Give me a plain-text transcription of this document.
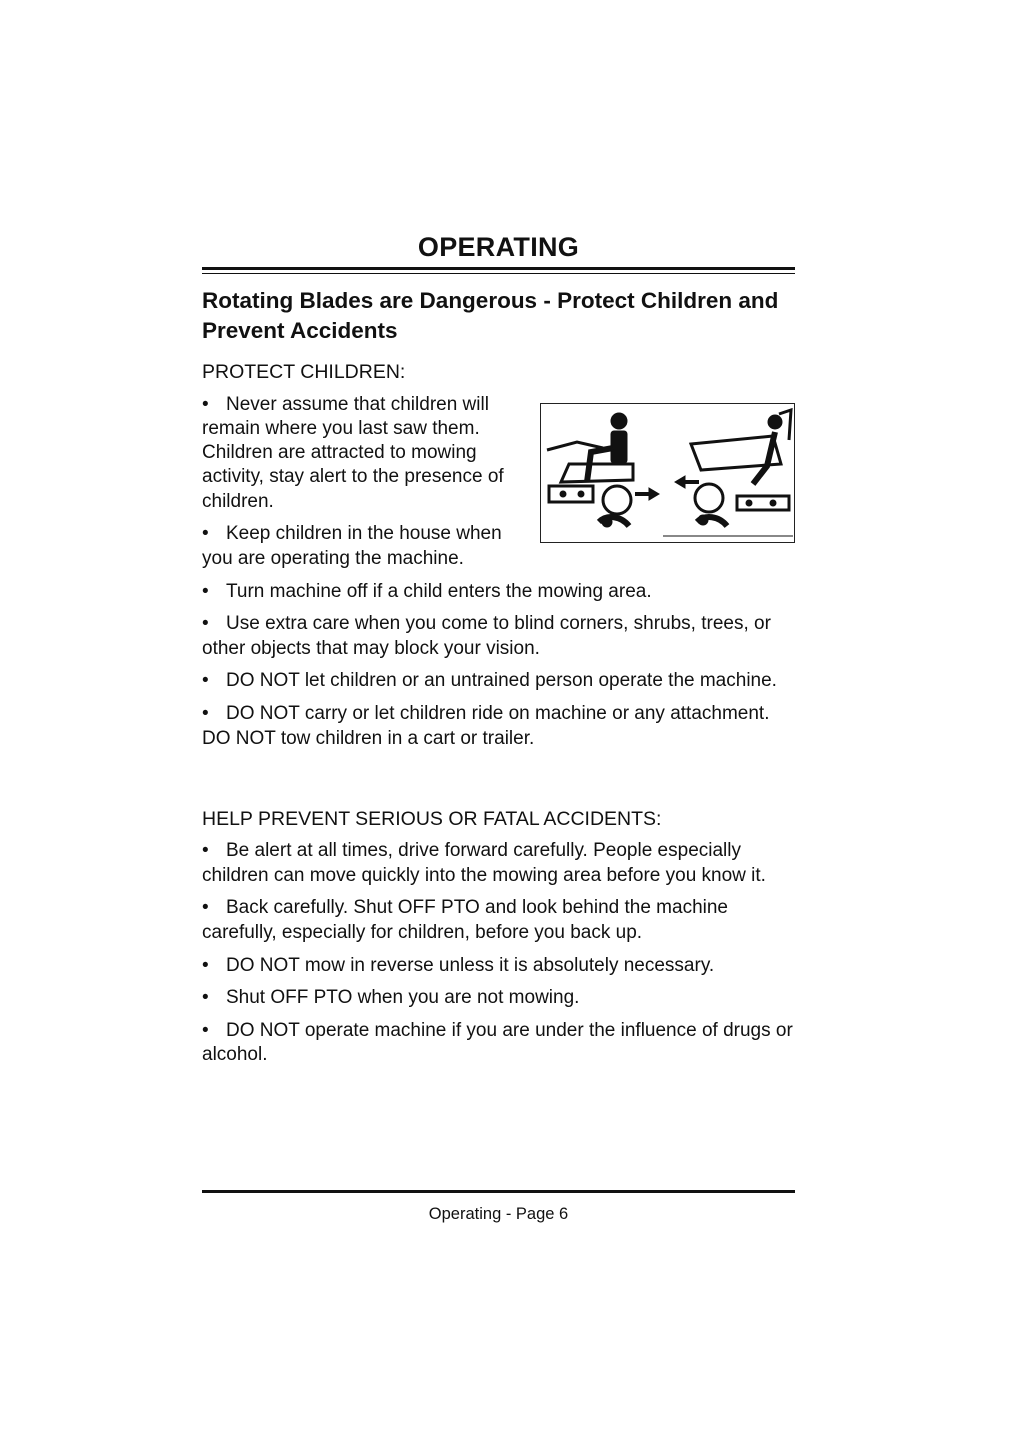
OPERATING
Rotating Blades are Dangerous - Protect Children and Prevent Accidents
PROTECT CHILDREN:
• Never assume that children will remain where you last saw them. Children are attracted to mowing activity, stay alert to the presence of children.
• Keep children in the house when you are operating the machine.
• Turn machine off if a child enters the mowing area.
• Use extra care when you come to blind corners, shrubs, trees, or other objects that may block your vision.
• DO NOT let children or an untrained person operate the machine.
• DO NOT carry or let children ride on machine or any attachment. DO NOT tow children in a cart or trailer.
HELP PREVENT SERIOUS OR FATAL ACCIDENTS:
• Be alert at all times, drive forward carefully. People especially children can move quickly into the mowing area before you know it.
• Back carefully. Shut OFF PTO and look behind the machine carefully, especially for children, before you back up.
• DO NOT mow in reverse unless it is absolutely necessary.
• Shut OFF PTO when you are not mowing.
• DO NOT operate machine if you are under the influence of drugs or alcohol.
Operating - Page 6
